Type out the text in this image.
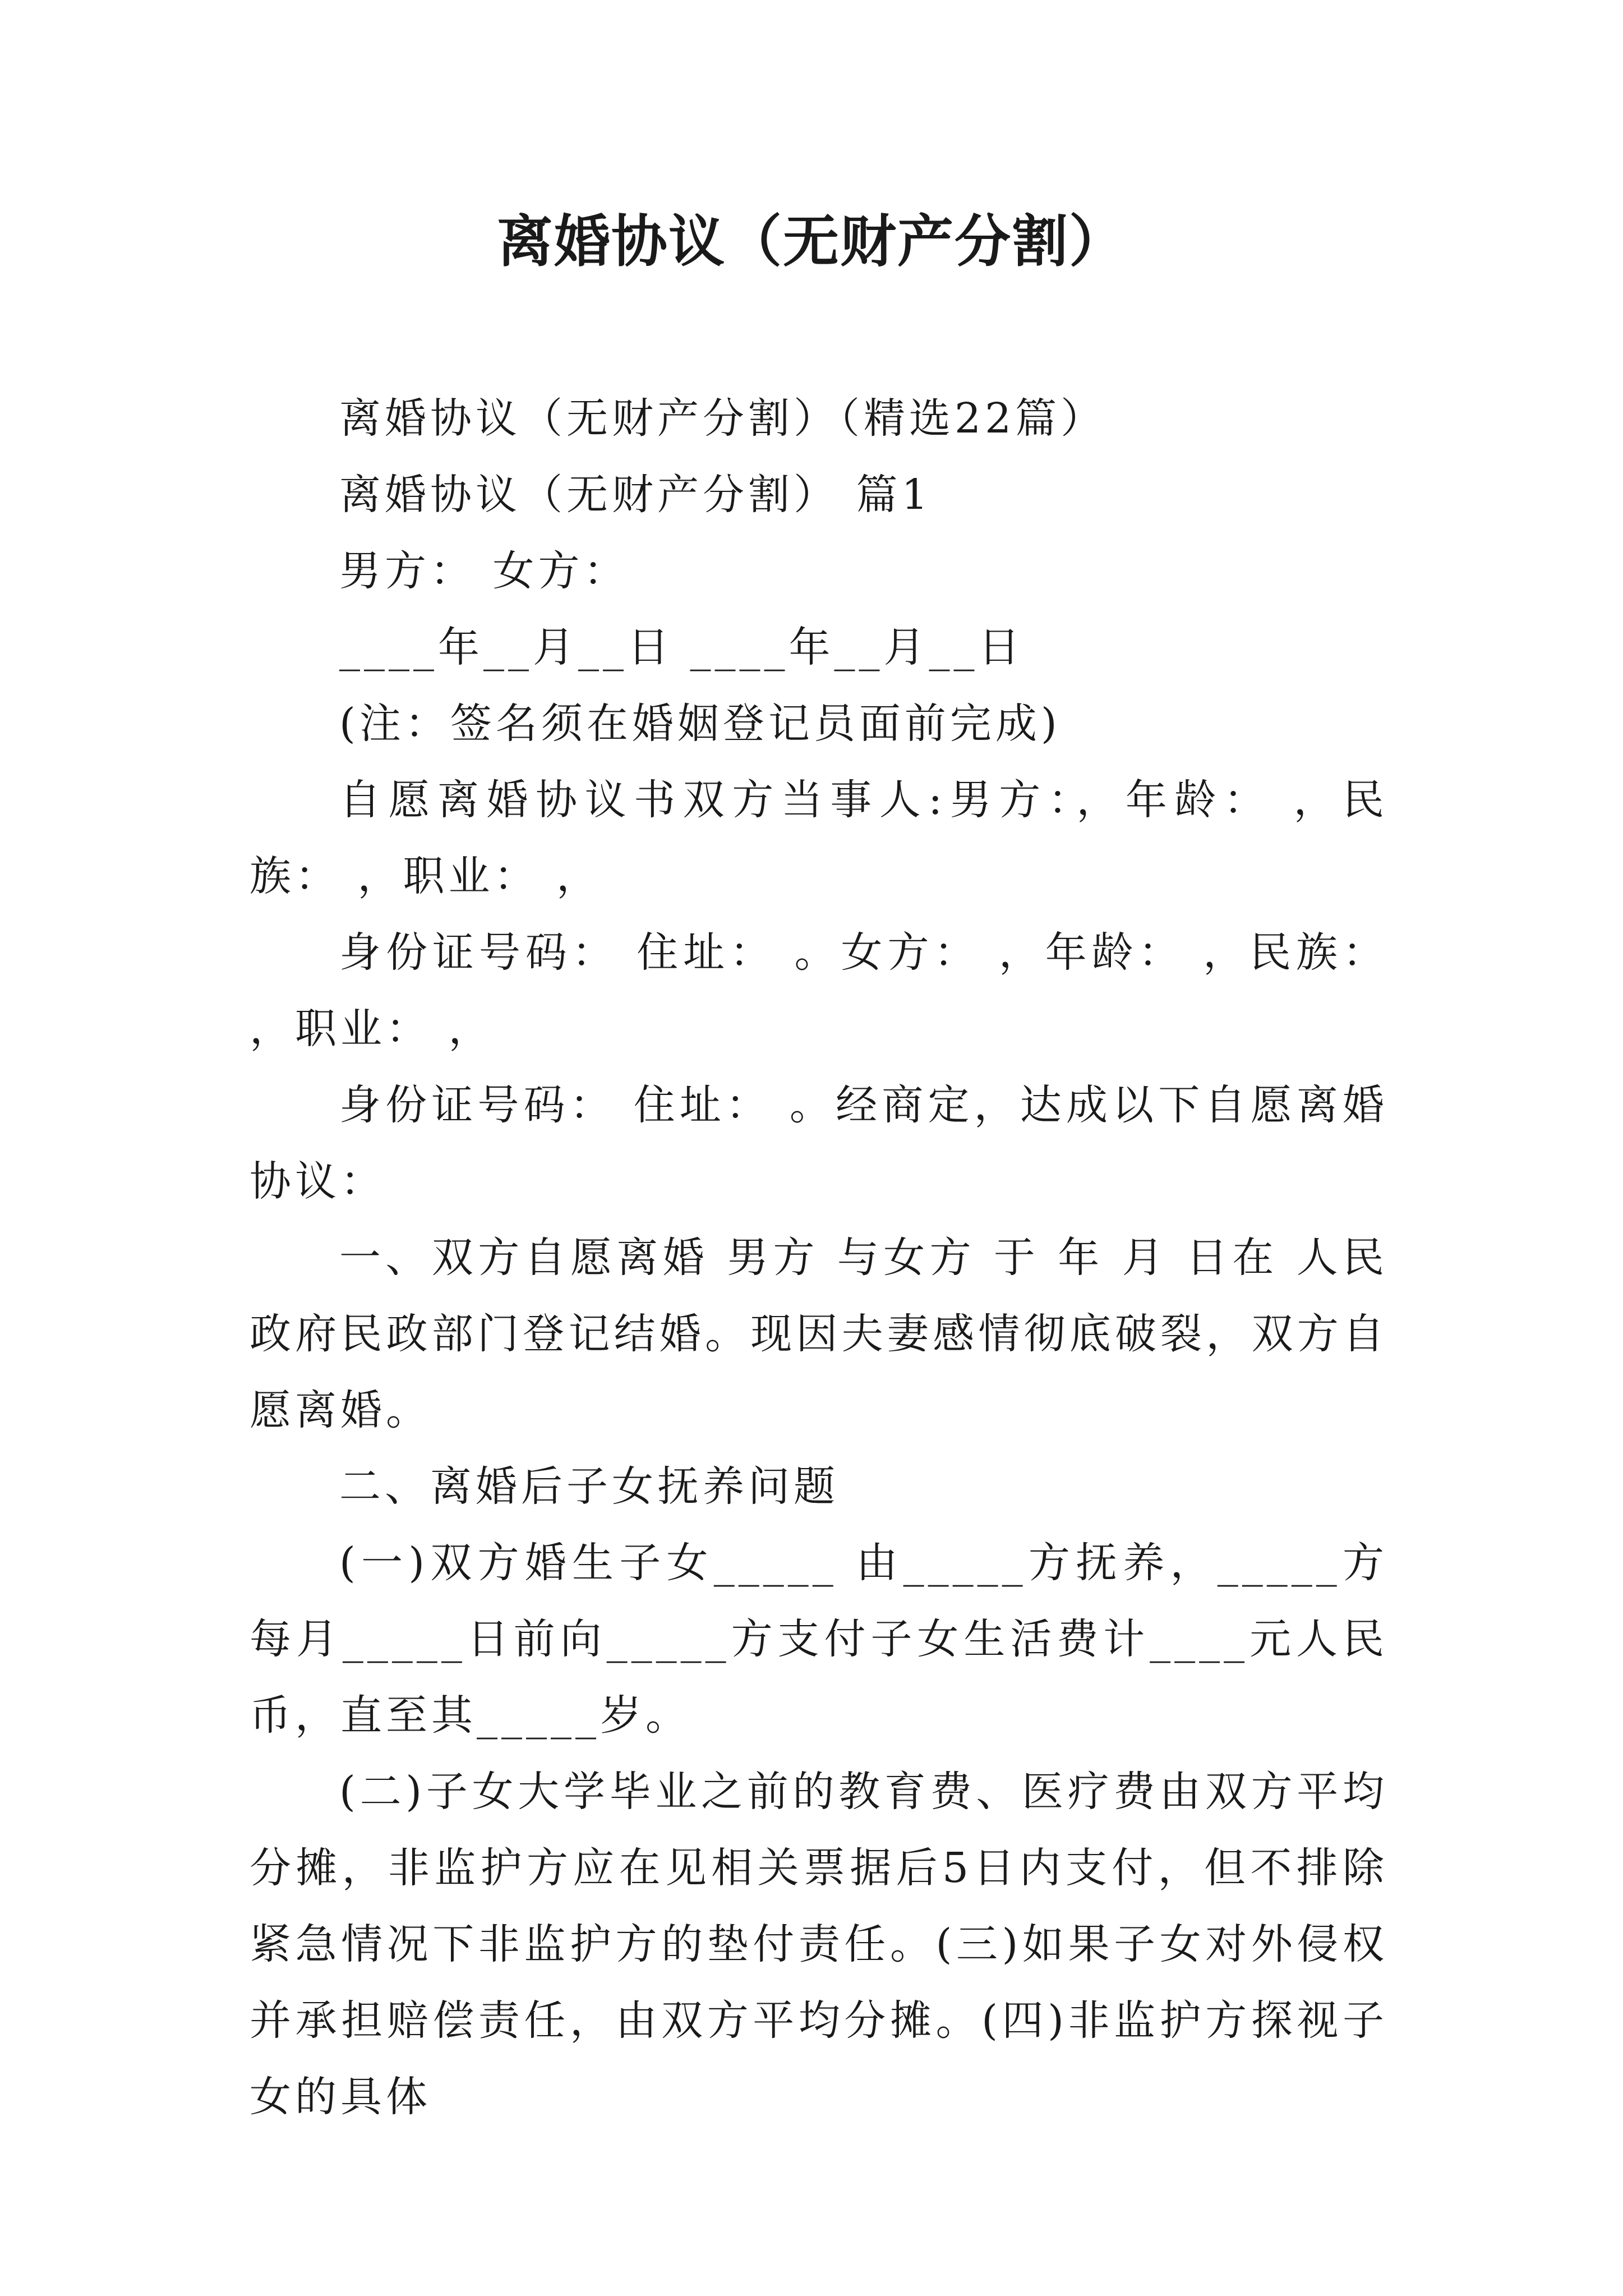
离婚协议（无财产分割）

离婚协议（无财产分割）（精选22篇）

离婚协议（无财产分割） 篇1

男方： 女方：

____年__月__日 ____年__月__日

(注：签名须在婚姻登记员面前完成)

自愿离婚协议书双方当事人:男方：，年龄： ，民族： ，职业： ，

身份证号码： 住址： 。女方： ，年龄： ，民族： ，职业： ，

身份证号码： 住址： 。经商定，达成以下自愿离婚协议：

一、双方自愿离婚 男方 与女方 于 年 月 日在 人民政府民政部门登记结婚。现因夫妻感情彻底破裂，双方自愿离婚。

二、离婚后子女抚养问题

(一)双方婚生子女_____ 由_____方抚养，_____方每月_____日前向_____方支付子女生活费计____元人民币，直至其_____岁。

(二)子女大学毕业之前的教育费、医疗费由双方平均分摊，非监护方应在见相关票据后5日内支付，但不排除紧急情况下非监护方的垫付责任。(三)如果子女对外侵权并承担赔偿责任，由双方平均分摊。(四)非监护方探视子女的具体
